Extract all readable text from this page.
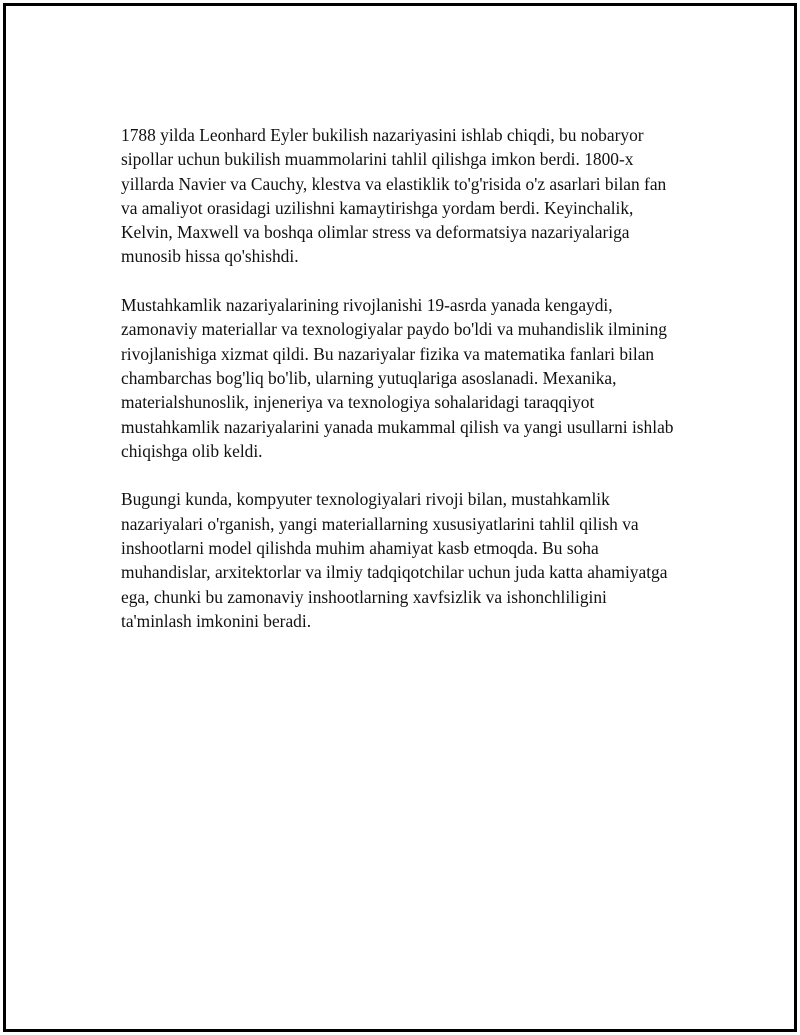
1788 yilda Leonhard Eyler bukilish nazariyasini ishlab chiqdi, bu nobaryor sipollar uchun bukilish muammolarini tahlil qilishga imkon berdi. 1800-x yillarda Navier va Cauchy, klestva va elastiklik to'g'risida o'z asarlari bilan fan va amaliyot orasidagi uzilishni kamaytirishga yordam berdi. Keyinchalik, Kelvin, Maxwell va boshqa olimlar stress va deformatsiya nazariyalariga munosib hissa qo'shishdi.

Mustahkamlik nazariyalarining rivojlanishi 19-asrda yanada kengaydi, zamonaviy materiallar va texnologiyalar paydo bo'ldi va muhandislik ilmining rivojlanishiga xizmat qildi. Bu nazariyalar fizika va matematika fanlari bilan chambarchas bog'liq bo'lib, ularning yutuqlariga asoslanadi. Mexanika, materialshunoslik, injeneriya va texnologiya sohalaridagi taraqqiyot mustahkamlik nazariyalarini yanada mukammal qilish va yangi usullarni ishlab chiqishga olib keldi.

Bugungi kunda, kompyuter texnologiyalari rivoji bilan, mustahkamlik nazariyalari o'rganish, yangi materiallarning xususiyatlarini tahlil qilish va inshootlarni model qilishda muhim ahamiyat kasb etmoqda. Bu soha muhandislar, arxitektorlar va ilmiy tadqiqotchilar uchun juda katta ahamiyatga ega, chunki bu zamonaviy inshootlarning xavfsizlik va ishonchliligini ta'minlash imkonini beradi.
